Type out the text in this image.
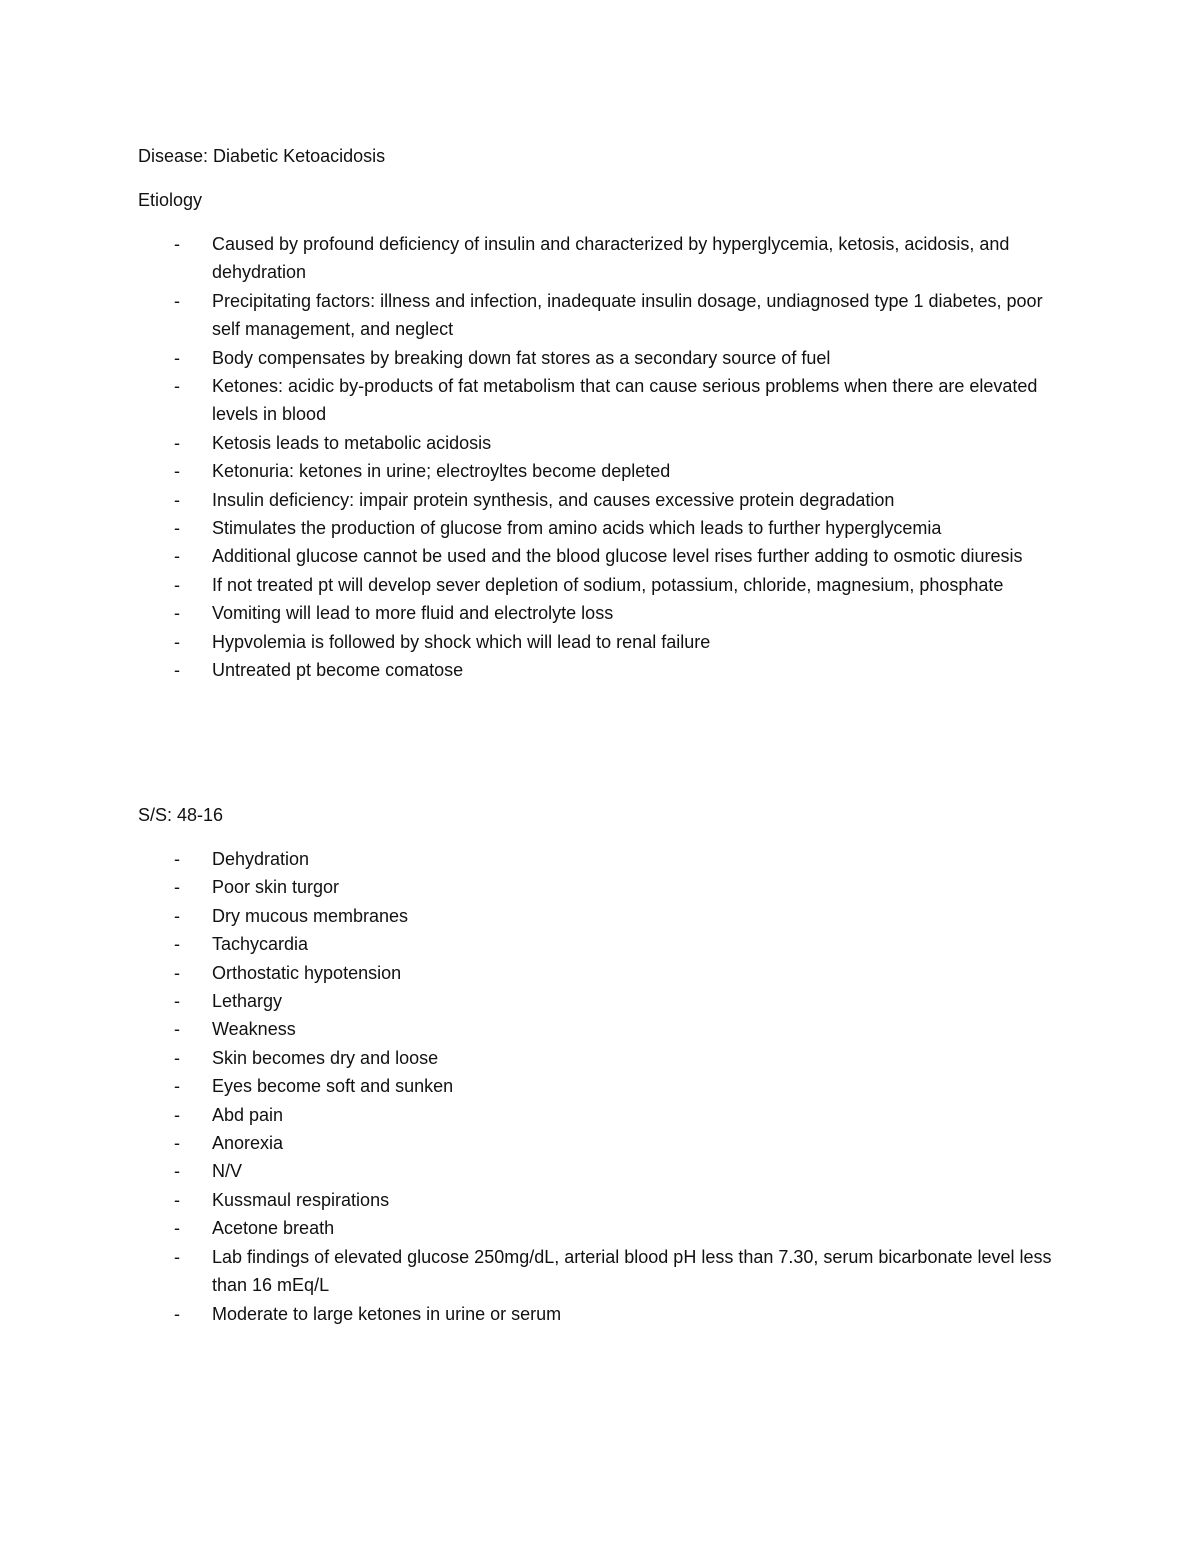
Disease: Diabetic Ketoacidosis
Etiology
- Caused by profound deficiency of insulin and characterized by hyperglycemia, ketosis, acidosis, and dehydration
- Precipitating factors: illness and infection, inadequate insulin dosage, undiagnosed type 1 diabetes, poor self management, and neglect
- Body compensates by breaking down fat stores as a secondary source of fuel
- Ketones: acidic by-products of fat metabolism that can cause serious problems when there are elevated levels in blood
- Ketosis leads to metabolic acidosis
- Ketonuria: ketones in urine; electroyltes become depleted
- Insulin deficiency: impair protein synthesis, and causes excessive protein degradation
- Stimulates the production of glucose from amino acids which leads to further hyperglycemia
- Additional glucose cannot be used and the blood glucose level rises further adding to osmotic diuresis
- If not treated pt will develop sever depletion of sodium, potassium, chloride, magnesium, phosphate
- Vomiting will lead to more fluid and electrolyte loss
- Hypvolemia is followed by shock which will lead to renal failure
- Untreated pt become comatose
S/S: 48-16
- Dehydration
- Poor skin turgor
- Dry mucous membranes
- Tachycardia
- Orthostatic hypotension
- Lethargy
- Weakness
- Skin becomes dry and loose
- Eyes become soft and sunken
- Abd pain
- Anorexia
- N/V
- Kussmaul respirations
- Acetone breath
- Lab findings of elevated glucose 250mg/dL, arterial blood pH less than 7.30, serum bicarbonate level less than 16 mEq/L
- Moderate to large ketones in urine or serum
